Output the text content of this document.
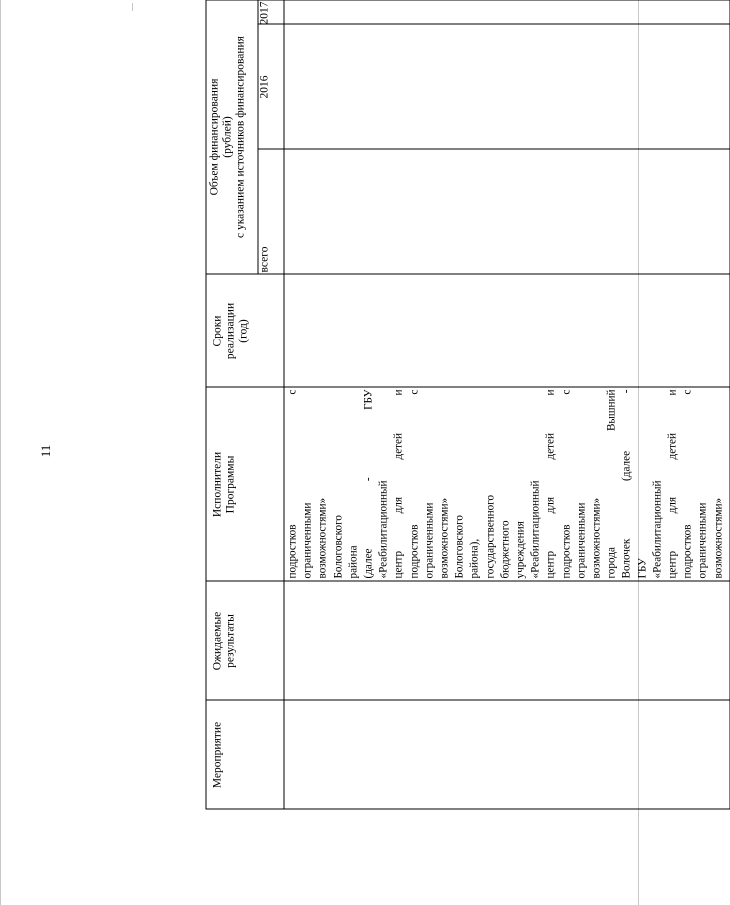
11
Мероприятие
Ожидаемые результаты
Исполнители Программы
Сроки реализации (год)
Объем финансирования (рублей) с указанием источников финансирования
всего
2016
2017
подростков с ограниченными возможностями» Бологовского района (далее - ГБУ «Реабилитационный центр для детей и подростков с ограниченными возможностями» Бологовского района), государственного бюджетного учреждения «Реабилитационный центр для детей и подростков с ограниченными возможностями» города Вышний Волочек (далее - ГБУ «Реабилитационный центр для детей и подростков с ограниченными возможностями»
